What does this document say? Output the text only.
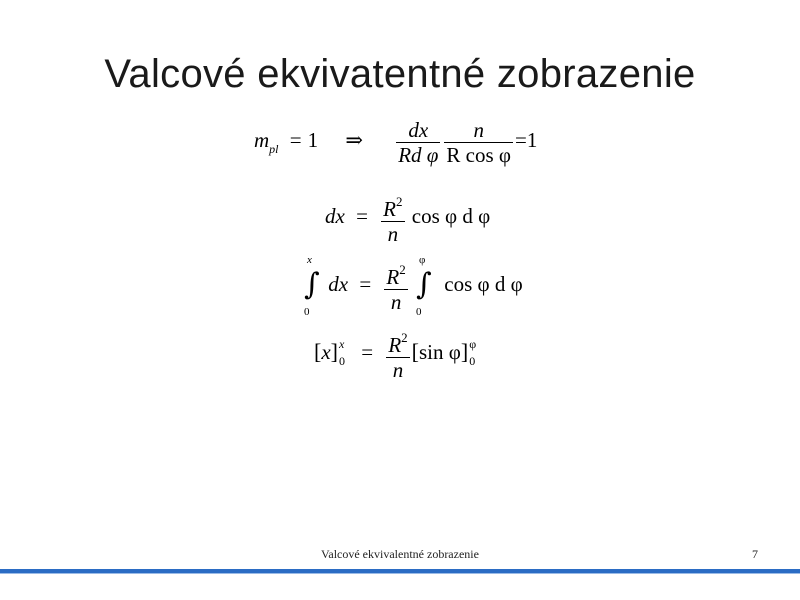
Valcové ekvivatentné zobrazenie
mpl = 1 ⇒ $\frac{dx}{\text{Rd φ}} \frac{n}{\text{R cos φ}} =1$
dx = $\frac{R2}{n}$ cos φ d φ
x
∫
0
dx = $\frac{R2}{n}$
φ
∫
0
cos φ d φ
[x] x
$0 = \frac{R2}{n} [\sin$ φ] φ
0
Valcové ekvivalentné zobrazenie	7
